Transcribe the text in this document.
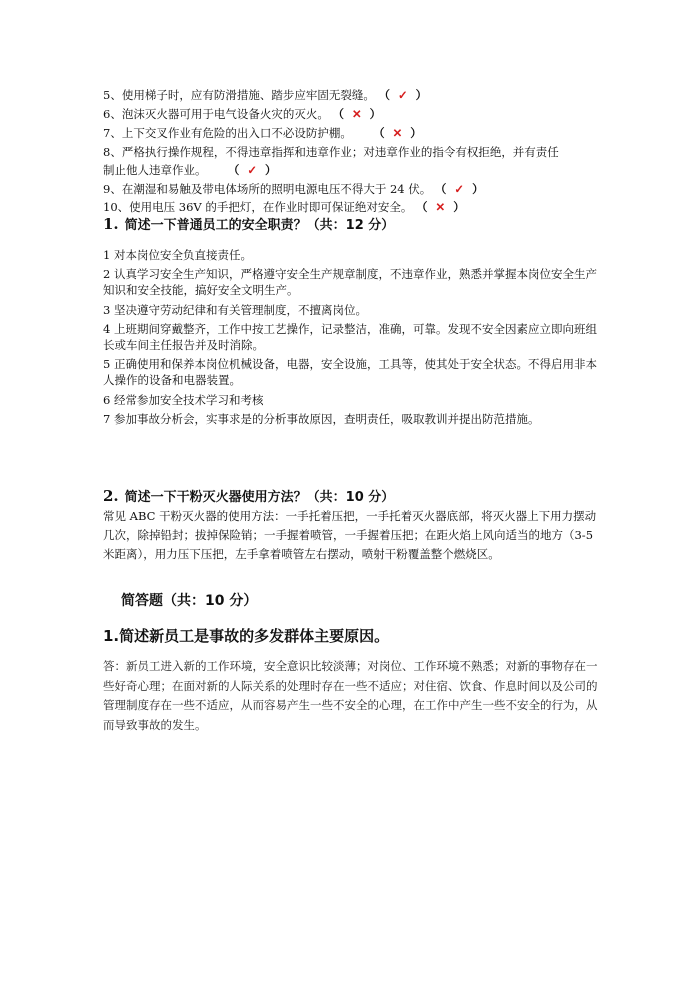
5、使用梯子时，应有防滑措施、踏步应牢固无裂缝。 （ ✓ ）
6、泡沫灭火器可用于电气设备火灾的灭火。 （ ✕ ）
7、上下交叉作业有危险的出入口不必设防护棚。 （ ✕ ）
8、严格执行操作规程，不得违章指挥和违章作业；对违章作业的指令有权拒绝，并有责任
制止他人违章作业。 （ ✓ ）
9、在潮湿和易触及带电体场所的照明电源电压不得大于 24 伏。 （ ✓ ）
10、使用电压 36V 的手把灯，在作业时即可保证绝对安全。 （ ✕ ）
1. 简述一下普通员工的安全职责？（共：12 分）

1 对本岗位安全负直接责任。

2 认真学习安全生产知识，严格遵守安全生产规章制度，不违章作业，熟悉并掌握本岗位安全生产知识和安全技能，搞好安全文明生产。

3 坚决遵守劳动纪律和有关管理制度，不擅离岗位。

4 上班期间穿戴整齐，工作中按工艺操作，记录整洁，准确，可靠。发现不安全因素应立即向班组长或车间主任报告并及时消除。

5 正确使用和保养本岗位机械设备，电器，安全设施，工具等，使其处于安全状态。不得启用非本人操作的设备和电器装置。

6 经常参加安全技术学习和考核

7 参加事故分析会，实事求是的分析事故原因，查明责任，吸取教训并提出防范措施。

2. 简述一下干粉灭火器使用方法？（共：10 分）

常见 ABC 干粉灭火器的使用方法：一手托着压把，一手托着灭火器底部，将灭火器上下用力摆动几次，除掉铅封；拔掉保险销；一手握着喷管，一手握着压把；在距火焰上风向适当的地方（3-5 米距离），用力压下压把，左手拿着喷管左右摆动，喷射干粉覆盖整个燃烧区。

简答题（共：10 分）
1.简述新员工是事故的多发群体主要原因。
答：新员工进入新的工作环境，安全意识比较淡薄；对岗位、工作环境不熟悉；对新的事物存在一些好奇心理；在面对新的人际关系的处理时存在一些不适应；对住宿、饮食、作息时间以及公司的管理制度存在一些不适应，从而容易产生一些不安全的心理，在工作中产生一些不安全的行为，从而导致事故的发生。
